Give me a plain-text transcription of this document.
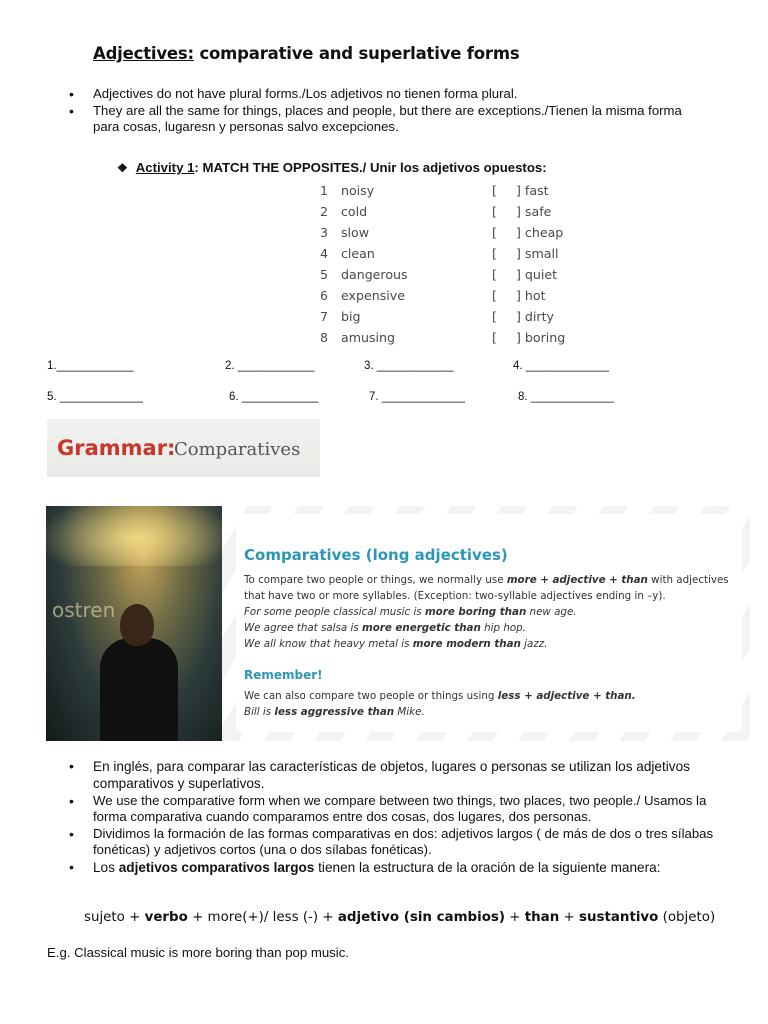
Adjectives: comparative and superlative forms
• Adjectives do not have plural forms./Los adjetivos no tienen forma plural.
• They are all the same for things, places and people, but there are exceptions./Tienen la misma forma para cosas, lugaresn y personas salvo excepciones.
❖ Activity 1: MATCH THE OPPOSITES./ Unir los adjetivos opuestos:
1 noisy	[ ] fast
2 cold	[ ] safe
3 slow	[ ] cheap
4 clean	[ ] small
5 dangerous	[ ] quiet
6 expensive	[ ] hot
7 big	[ ] dirty
8 amusing	[ ] boring
1.____________	2. ____________	3. ____________	4. _____________
5. _____________	6. ____________	7. _____________	8. _____________
Grammar:
Comparatives
ostren
Comparatives (long adjectives)
To compare two people or things, we normally use more + adjective + than with adjectives
that have two or more syllables. (Exception: two-syllable adjectives ending in –y).
For some people classical music is more boring than new age.
We agree that salsa is more energetic than hip hop.
We all know that heavy metal is more modern than jazz.
Remember!
We can also compare two people or things using less + adjective + than.
Bill is less aggressive than Mike.
• En inglés, para comparar las características de objetos, lugares o personas se utilizan los adjetivos comparativos y superlativos.
• We use the comparative form when we compare between two things, two places, two people./ Usamos la forma comparativa cuando comparamos entre dos cosas, dos lugares, dos personas.
• Dividimos la formación de las formas comparativas en dos: adjetivos largos ( de más de dos o tres sílabas fonéticas) y adjetivos cortos (una o dos sílabas fonéticas).
• Los adjetivos comparativos largos tienen la estructura de la oración de la siguiente manera:
sujeto + verbo + more(+)/ less (-) + adjetivo (sin cambios) + than + sustantivo (objeto)
E.g. Classical music is more boring than pop music.
